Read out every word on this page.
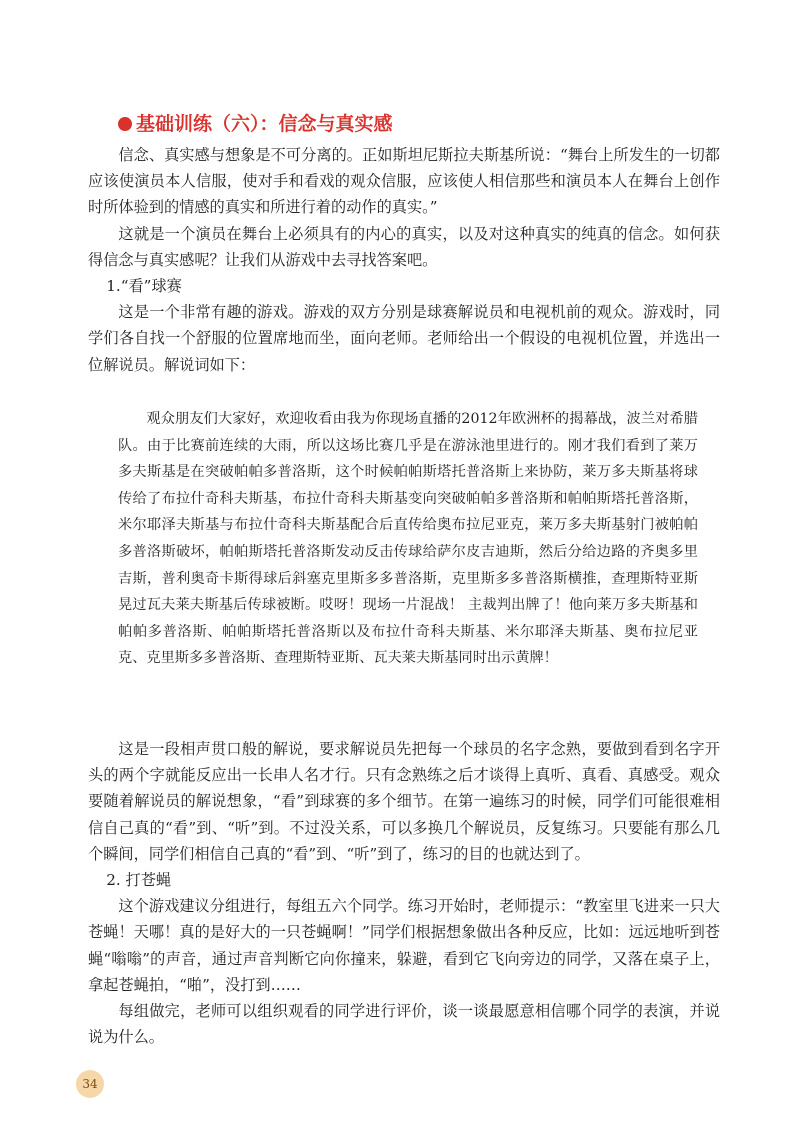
基础训练（六）：信念与真实感

信念、真实感与想象是不可分离的。正如斯坦尼斯拉夫斯基所说：“舞台上所发生的一切都应该使演员本人信服，使对手和看戏的观众信服，应该使人相信那些和演员本人在舞台上创作时所体验到的情感的真实和所进行着的动作的真实。”

这就是一个演员在舞台上必须具有的内心的真实，以及对这种真实的纯真的信念。如何获得信念与真实感呢？让我们从游戏中去寻找答案吧。

1.“看”球赛

这是一个非常有趣的游戏。游戏的双方分别是球赛解说员和电视机前的观众。游戏时，同学们各自找一个舒服的位置席地而坐，面向老师。老师给出一个假设的电视机位置，并选出一位解说员。解说词如下：

观众朋友们大家好，欢迎收看由我为你现场直播的2012年欧洲杯的揭幕战，波兰对希腊队。由于比赛前连续的大雨，所以这场比赛几乎是在游泳池里进行的。刚才我们看到了莱万多夫斯基是在突破帕帕多普洛斯，这个时候帕帕斯塔托普洛斯上来协防，莱万多夫斯基将球传给了布拉什奇科夫斯基，布拉什奇科夫斯基变向突破帕帕多普洛斯和帕帕斯塔托普洛斯，米尔耶泽夫斯基与布拉什奇科夫斯基配合后直传给奥布拉尼亚克，莱万多夫斯基射门被帕帕多普洛斯破坏，帕帕斯塔托普洛斯发动反击传球给萨尔皮吉迪斯，然后分给边路的齐奥多里吉斯，普利奥奇卡斯得球后斜塞克里斯多多普洛斯，克里斯多多普洛斯横推，查理斯特亚斯晃过瓦夫莱夫斯基后传球被断。哎呀！现场一片混战！ 主裁判出牌了！他向莱万多夫斯基和帕帕多普洛斯、帕帕斯塔托普洛斯以及布拉什奇科夫斯基、米尔耶泽夫斯基、奥布拉尼亚克、克里斯多多普洛斯、查理斯特亚斯、瓦夫莱夫斯基同时出示黄牌！

这是一段相声贯口般的解说，要求解说员先把每一个球员的名字念熟，要做到看到名字开头的两个字就能反应出一长串人名才行。只有念熟练之后才谈得上真听、真看、真感受。观众要随着解说员的解说想象，“看”到球赛的多个细节。在第一遍练习的时候，同学们可能很难相信自己真的“看”到、“听”到。不过没关系，可以多换几个解说员，反复练习。只要能有那么几个瞬间，同学们相信自己真的“看”到、“听”到了，练习的目的也就达到了。

2. 打苍蝇

这个游戏建议分组进行，每组五六个同学。练习开始时，老师提示：“教室里飞进来一只大苍蝇！天哪！真的是好大的一只苍蝇啊！”同学们根据想象做出各种反应，比如：远远地听到苍蝇“嗡嗡”的声音，通过声音判断它向你撞来，躲避，看到它飞向旁边的同学，又落在桌子上，拿起苍蝇拍，“啪”，没打到……

每组做完，老师可以组织观看的同学进行评价，谈一谈最愿意相信哪个同学的表演，并说说为什么。

34
